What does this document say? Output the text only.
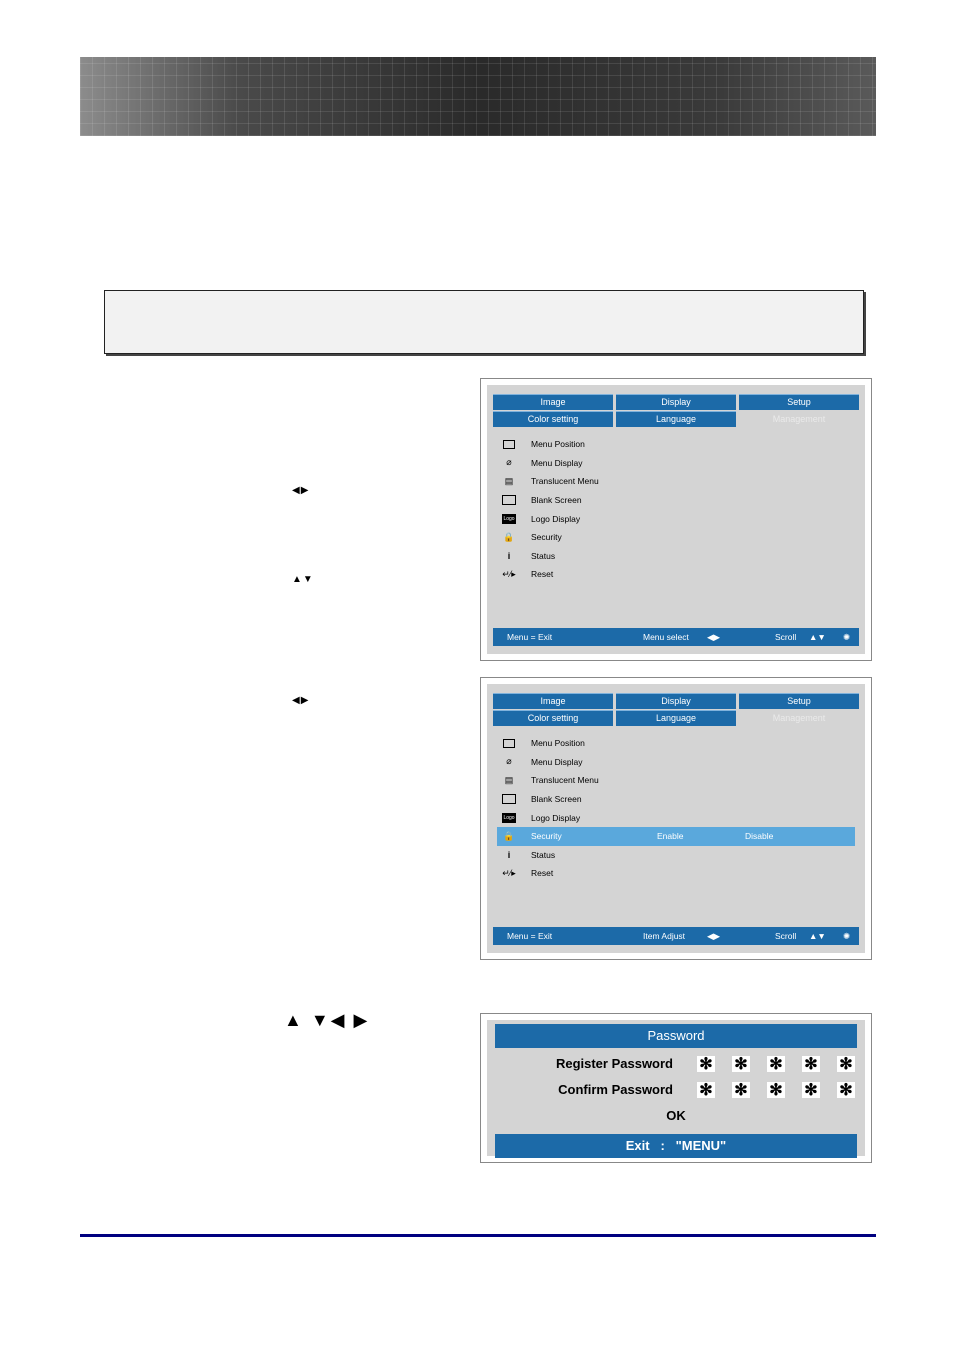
◀▶
▲▼
◀▶
▲ ▼◀ ▶
Image	Display	Setup
Color setting	Language	Management
Menu Position
⌀	Menu Display
▤	Translucent Menu
Blank Screen
Logo Logo Display
🔒 Security
i	Status
↵⁄▸ Reset
Menu = Exit	Menu select ◀▶	Scroll ▲▼ ✺
Image	Display	Setup
Color setting	Language	Management
Menu Position
⌀	Menu Display
▤	Translucent Menu
Blank Screen
Logo Logo Display
🔒 Security	Enable	Disable
i	Status
↵⁄▸ Reset
Menu = Exit	Item Adjust	◀▶	Scroll ▲▼ ✺
Password
Register Password ✻ ✻ ✻ ✻ ✻
Confirm Password ✻ ✻ ✻ ✻ ✻
OK
Exit   :   "MENU"
